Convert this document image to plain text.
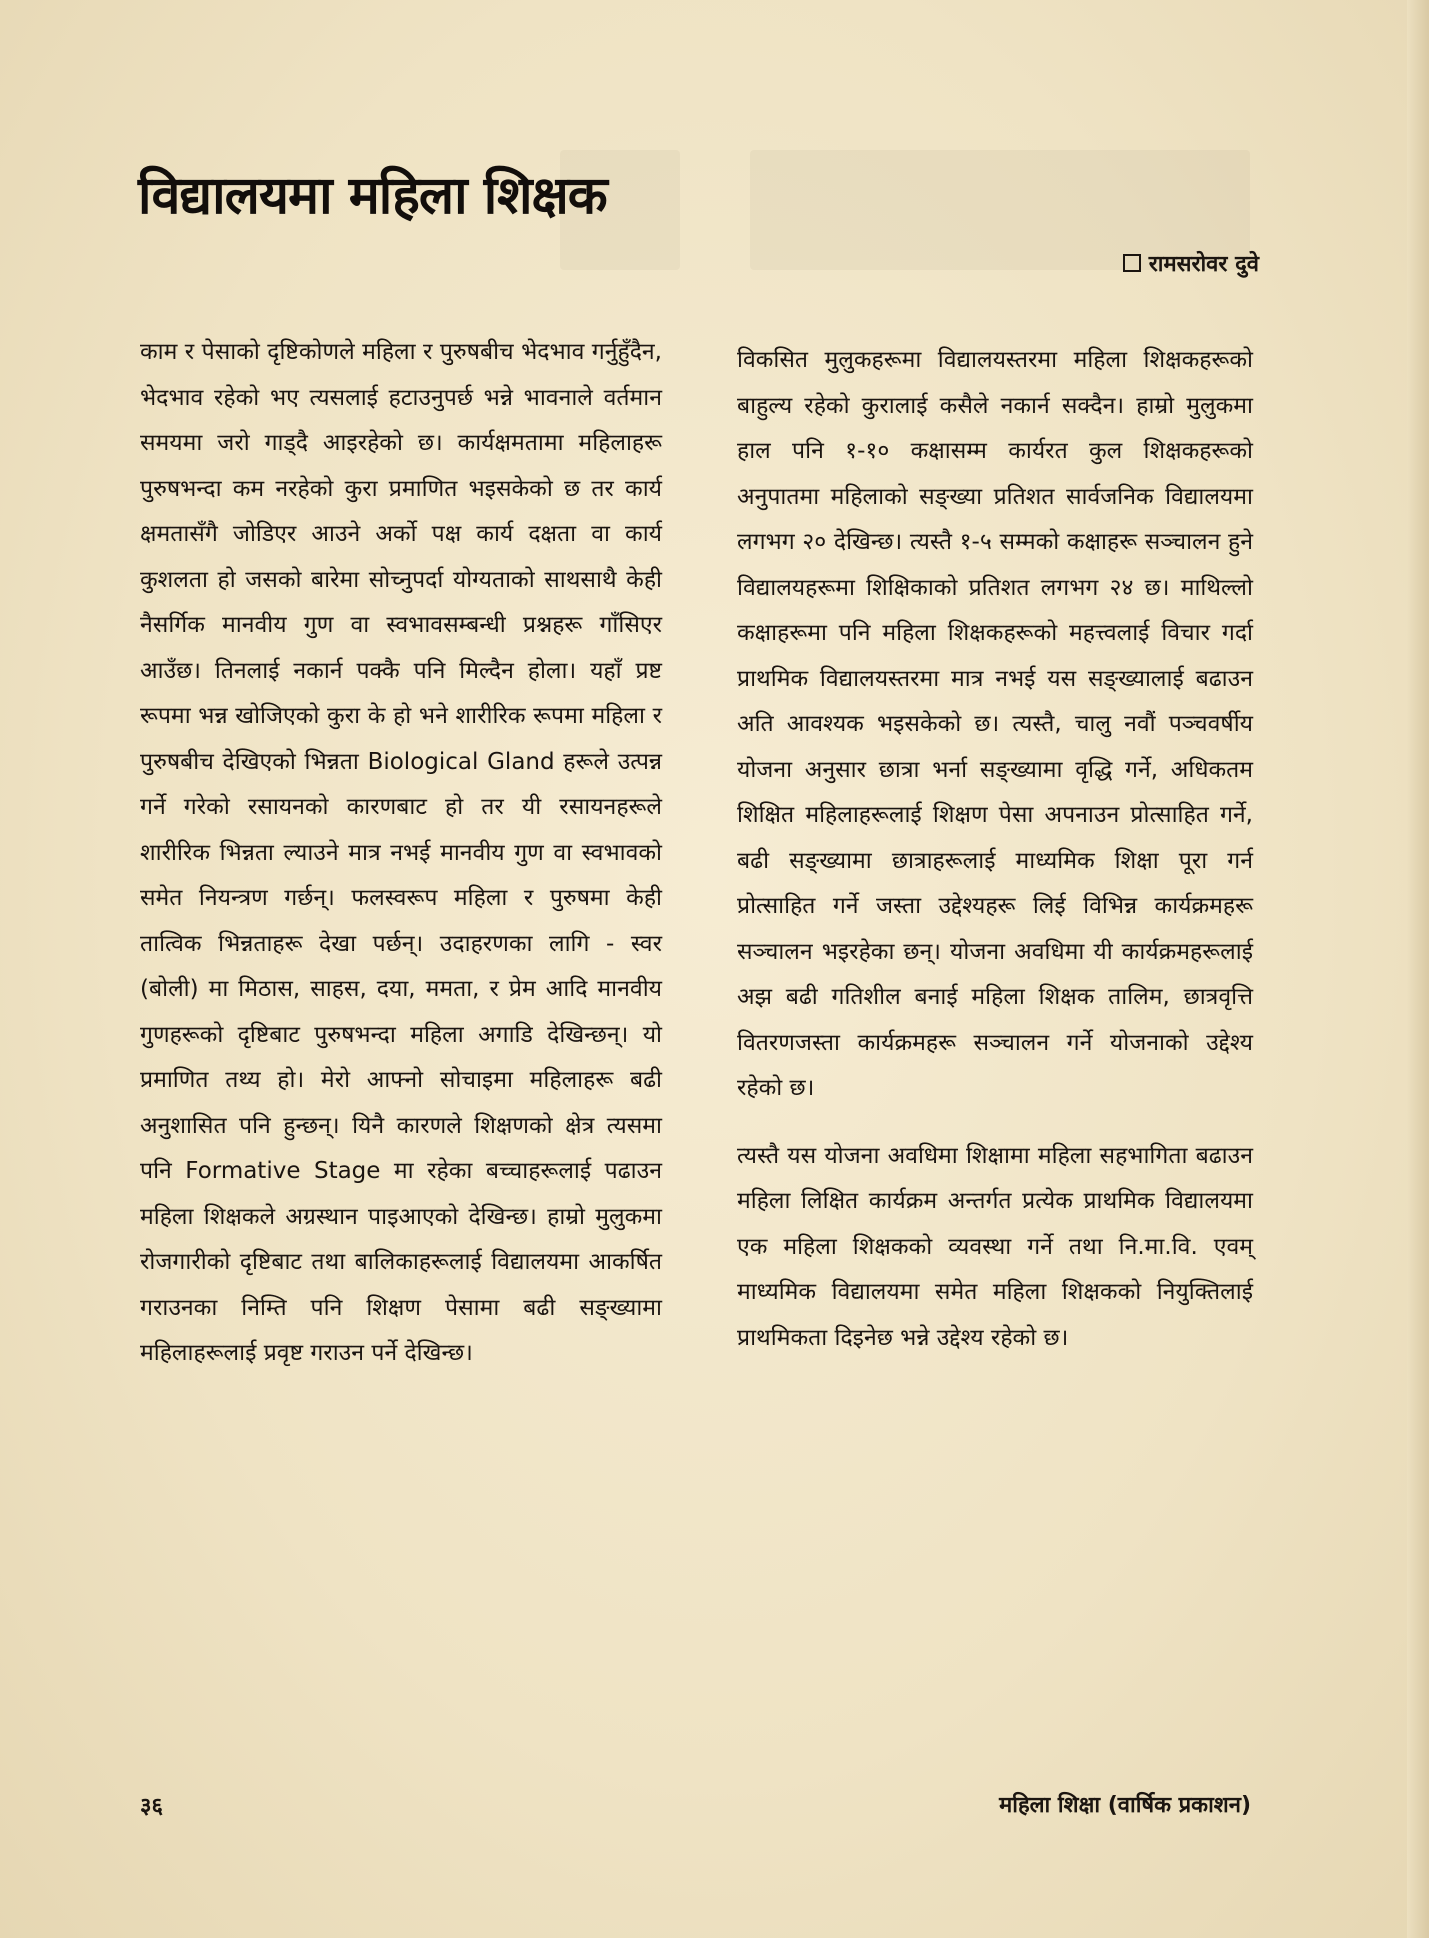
विद्यालयमा महिला शिक्षक
रामसरोवर दुवे

काम र पेसाको दृष्टिकोणले महिला र पुरुषबीच भेदभाव गर्नुहुँदैन, भेदभाव रहेको भए त्यसलाई हटाउनुपर्छ भन्ने भावनाले वर्तमान समयमा जरो गाड्दै आइरहेको छ। कार्यक्षमतामा महिलाहरू पुरुषभन्दा कम नरहेको कुरा प्रमाणित भइसकेको छ तर कार्य क्षमतासँगै जोडिएर आउने अर्को पक्ष कार्य दक्षता वा कार्य कुशलता हो जसको बारेमा सोच्नुपर्दा योग्यताको साथसाथै केही नैसर्गिक मानवीय गुण वा स्वभावसम्बन्धी प्रश्नहरू गाँसिएर आउँछ। तिनलाई नकार्न पक्कै पनि मिल्दैन होला। यहाँ प्रष्ट रूपमा भन्न खोजिएको कुरा के हो भने शारीरिक रूपमा महिला र पुरुषबीच देखिएको भिन्नता Biological Gland हरूले उत्पन्न गर्ने गरेको रसायनको कारणबाट हो तर यी रसायनहरूले शारीरिक भिन्नता ल्याउने मात्र नभई मानवीय गुण वा स्वभावको समेत नियन्त्रण गर्छन्। फलस्वरूप महिला र पुरुषमा केही तात्विक भिन्नताहरू देखा पर्छन्। उदाहरणका लागि - स्वर (बोली) मा मिठास, साहस, दया, ममता, र प्रेम आदि मानवीय गुणहरूको दृष्टिबाट पुरुषभन्दा महिला अगाडि देखिन्छन्। यो प्रमाणित तथ्य हो। मेरो आफ्नो सोचाइमा महिलाहरू बढी अनुशासित पनि हुन्छन्। यिनै कारणले शिक्षणको क्षेत्र त्यसमा पनि Formative Stage मा रहेका बच्चाहरूलाई पढाउन महिला शिक्षकले अग्रस्थान पाइआएको देखिन्छ। हाम्रो मुलुकमा रोजगारीको दृष्टिबाट तथा बालिकाहरूलाई विद्यालयमा आकर्षित गराउनका निम्ति पनि शिक्षण पेसामा बढी सङ्ख्यामा महिलाहरूलाई प्रवृष्ट गराउन पर्ने देखिन्छ।

विकसित मुलुकहरूमा विद्यालयस्तरमा महिला शिक्षकहरूको बाहुल्य रहेको कुरालाई कसैले नकार्न सक्दैन। हाम्रो मुलुकमा हाल पनि १-१० कक्षासम्म कार्यरत कुल शिक्षकहरूको अनुपातमा महिलाको सङ्ख्या प्रतिशत सार्वजनिक विद्यालयमा लगभग २० देखिन्छ। त्यस्तै १-५ सम्मको कक्षाहरू सञ्चालन हुने विद्यालयहरूमा शिक्षिकाको प्रतिशत लगभग २४ छ। माथिल्लो कक्षाहरूमा पनि महिला शिक्षकहरूको महत्त्वलाई विचार गर्दा प्राथमिक विद्यालयस्तरमा मात्र नभई यस सङ्ख्यालाई बढाउन अति आवश्यक भइसकेको छ। त्यस्तै, चालु नवौं पञ्चवर्षीय योजना अनुसार छात्रा भर्ना सङ्ख्यामा वृद्धि गर्ने, अधिकतम शिक्षित महिलाहरूलाई शिक्षण पेसा अपनाउन प्रोत्साहित गर्ने, बढी सङ्ख्यामा छात्राहरूलाई माध्यमिक शिक्षा पूरा गर्न प्रोत्साहित गर्ने जस्ता उद्देश्यहरू लिई विभिन्न कार्यक्रमहरू सञ्चालन भइरहेका छन्। योजना अवधिमा यी कार्यक्रमहरूलाई अझ बढी गतिशील बनाई महिला शिक्षक तालिम, छात्रवृत्ति वितरणजस्ता कार्यक्रमहरू सञ्चालन गर्ने योजनाको उद्देश्य रहेको छ।

त्यस्तै यस योजना अवधिमा शिक्षामा महिला सहभागिता बढाउन महिला लिक्षित कार्यक्रम अन्तर्गत प्रत्येक प्राथमिक विद्यालयमा एक महिला शिक्षकको व्यवस्था गर्ने तथा नि.मा.वि. एवम् माध्यमिक विद्यालयमा समेत महिला शिक्षकको नियुक्तिलाई प्राथमिकता दिइनेछ भन्ने उद्देश्य रहेको छ।

३६	महिला शिक्षा (वार्षिक प्रकाशन)
